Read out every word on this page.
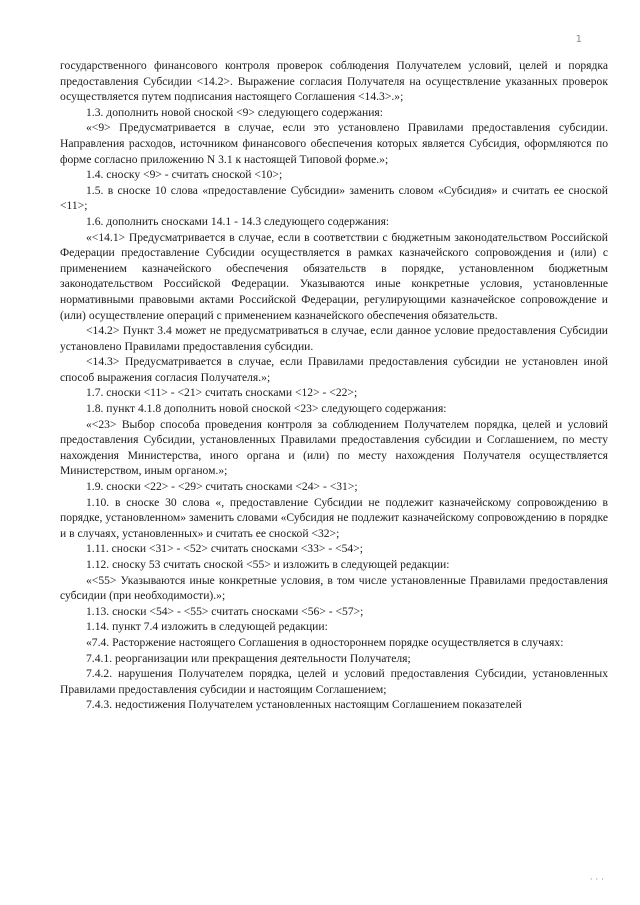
1

государственного финансового контроля проверок соблюдения Получателем условий, целей и порядка предоставления Субсидии <14.2>. Выражение согласия Получателя на осуществление указанных проверок осуществляется путем подписания настоящего Соглашения <14.3>.»;

1.3. дополнить новой сноской <9> следующего содержания:

«<9> Предусматривается в случае, если это установлено Правилами предоставления субсидии. Направления расходов, источником финансового обеспечения которых является Субсидия, оформляются по форме согласно приложению N 3.1 к настоящей Типовой форме.»;

1.4. сноску <9> - считать сноской <10>;

1.5. в сноске 10 слова «предоставление Субсидии» заменить словом «Субсидия» и считать ее сноской <11>;

1.6. дополнить сносками 14.1 - 14.3 следующего содержания:

«<14.1> Предусматривается в случае, если в соответствии с бюджетным законодательством Российской Федерации предоставление Субсидии осуществляется в рамках казначейского сопровождения и (или) с применением казначейского обеспечения обязательств в порядке, установленном бюджетным законодательством Российской Федерации. Указываются иные конкретные условия, установленные нормативными правовыми актами Российской Федерации, регулирующими казначейское сопровождение и (или) осуществление операций с применением казначейского обеспечения обязательств.

<14.2> Пункт 3.4 может не предусматриваться в случае, если данное условие предоставления Субсидии установлено Правилами предоставления субсидии.

<14.3> Предусматривается в случае, если Правилами предоставления субсидии не установлен иной способ выражения согласия Получателя.»;

1.7. сноски <11> - <21> считать сносками <12> - <22>;

1.8. пункт 4.1.8 дополнить новой сноской <23> следующего содержания:

«<23> Выбор способа проведения контроля за соблюдением Получателем порядка, целей и условий предоставления Субсидии, установленных Правилами предоставления субсидии и Соглашением, по месту нахождения Министерства, иного органа и (или) по месту нахождения Получателя осуществляется Министерством, иным органом.»;

1.9. сноски <22> - <29> считать сносками <24> - <31>;

1.10. в сноске 30 слова «, предоставление Субсидии не подлежит казначейскому сопровождению в порядке, установленном» заменить словами «Субсидия не подлежит казначейскому сопровождению в порядке и в случаях, установленных» и считать ее сноской <32>;

1.11. сноски <31> - <52> считать сносками <33> - <54>;

1.12. сноску 53 считать сноской <55> и изложить в следующей редакции:

«<55> Указываются иные конкретные условия, в том числе установленные Правилами предоставления субсидии (при необходимости).»;

1.13. сноски <54> - <55> считать сносками <56> - <57>;

1.14. пункт 7.4 изложить в следующей редакции:

«7.4. Расторжение настоящего Соглашения в одностороннем порядке осуществляется в случаях:

7.4.1. реорганизации или прекращения деятельности Получателя;

7.4.2. нарушения Получателем порядка, целей и условий предоставления Субсидии, установленных Правилами предоставления субсидии и настоящим Соглашением;

7.4.3. недостижения Получателем установленных настоящим Соглашением показателей

· · ·
